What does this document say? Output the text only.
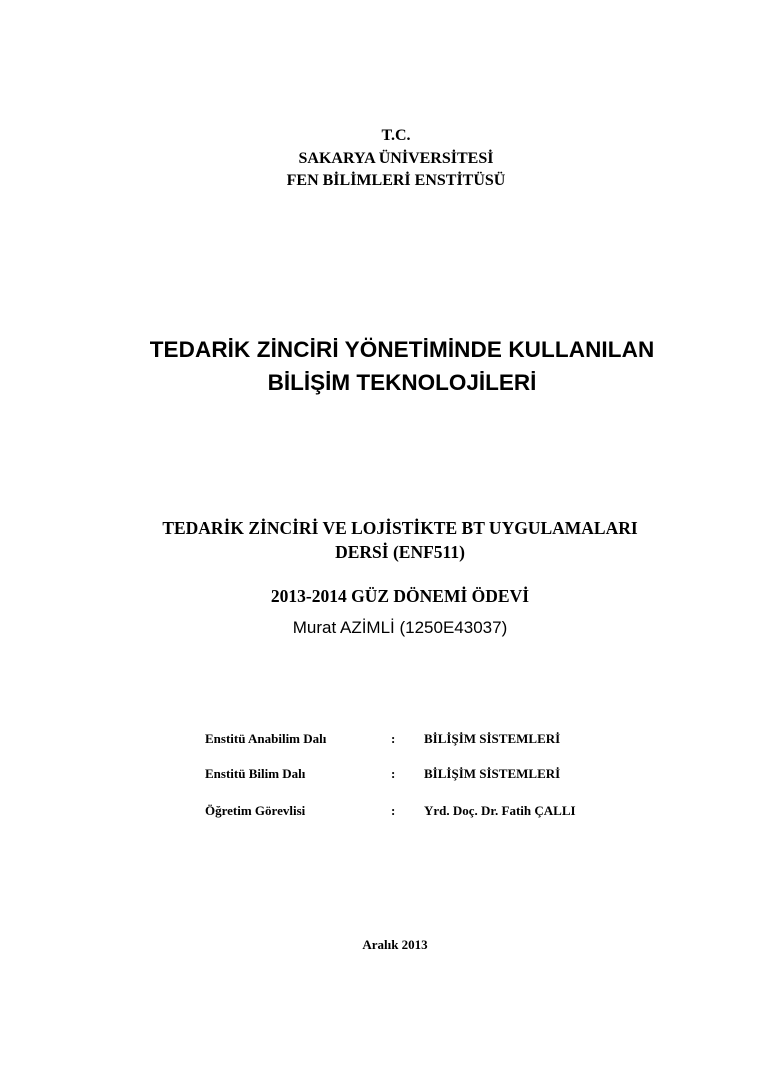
T.C.
SAKARYA ÜNİVERSİTESİ
FEN BİLİMLERİ ENSTİTÜSÜ
TEDARİK ZİNCİRİ YÖNETİMİNDE KULLANILAN
BİLİŞİM TEKNOLOJİLERİ
TEDARİK ZİNCİRİ VE LOJİSTİKTE BT UYGULAMALARI
DERSİ (ENF511)
2013-2014 GÜZ DÖNEMİ ÖDEVİ
Murat AZİMLİ (1250E43037)
Enstitü Anabilim Dalı	: BİLİŞİM SİSTEMLERİ
Enstitü Bilim Dalı	: BİLİŞİM SİSTEMLERİ
Öğretim Görevlisi	: Yrd. Doç. Dr. Fatih ÇALLI
Aralık 2013
